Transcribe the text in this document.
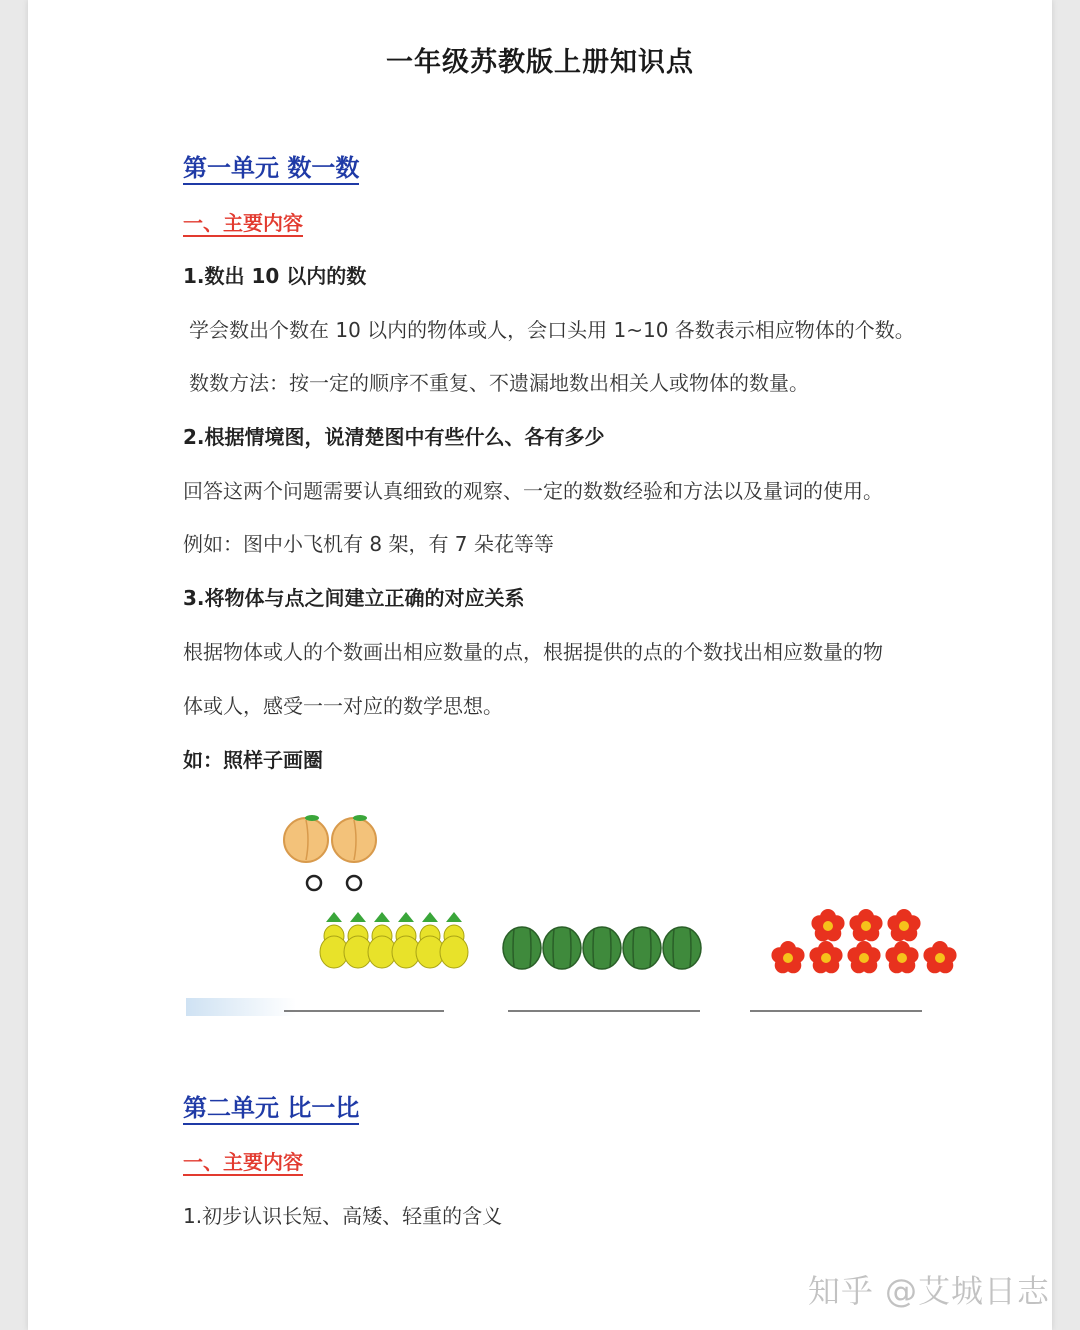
一年级苏教版上册知识点
第一单元 数一数
一、主要内容
1.数出 10 以内的数
学会数出个数在 10 以内的物体或人，会口头用 1~10 各数表示相应物体的个数。
数数方法：按一定的顺序不重复、不遗漏地数出相关人或物体的数量。
2.根据情境图，说清楚图中有些什么、各有多少
回答这两个问题需要认真细致的观察、一定的数数经验和方法以及量词的使用。
例如：图中小飞机有 8 架，有 7 朵花等等
3.将物体与点之间建立正确的对应关系
根据物体或人的个数画出相应数量的点，根据提供的点的个数找出相应数量的物
体或人，感受一一对应的数学思想。
如：照样子画圈
第二单元 比一比
一、主要内容
1.初步认识长短、高矮、轻重的含义
知乎 @艾城日志
